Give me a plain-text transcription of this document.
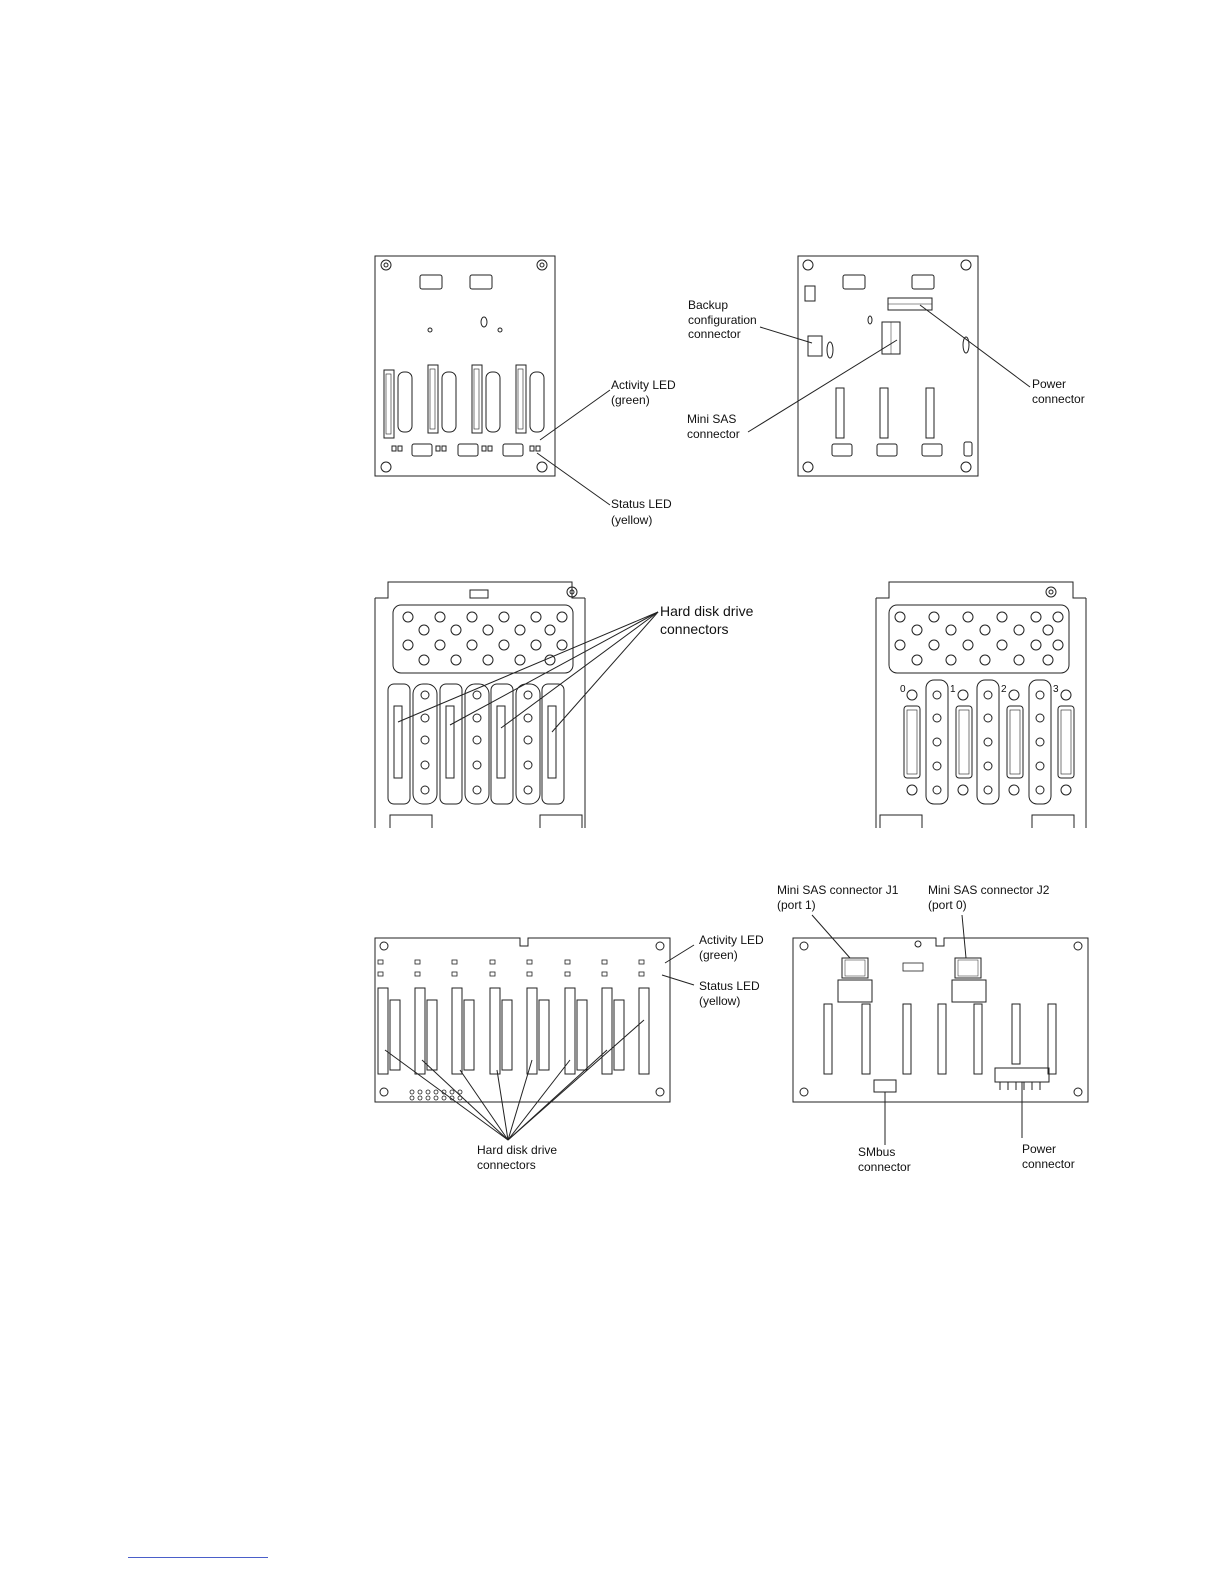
Activity LED
(green)
Status LED
(yellow)
Backup
configuration
connector
Mini SAS
connector
Power
connector
Hard disk drive
connectors
0	1	2	3
Activity LED
(green)
Status LED
(yellow)
Hard disk drive
connectors
Mini SAS connector J1
(port 1)
Mini SAS connector J2
(port 0)
SMbus
connector
Power
connector
